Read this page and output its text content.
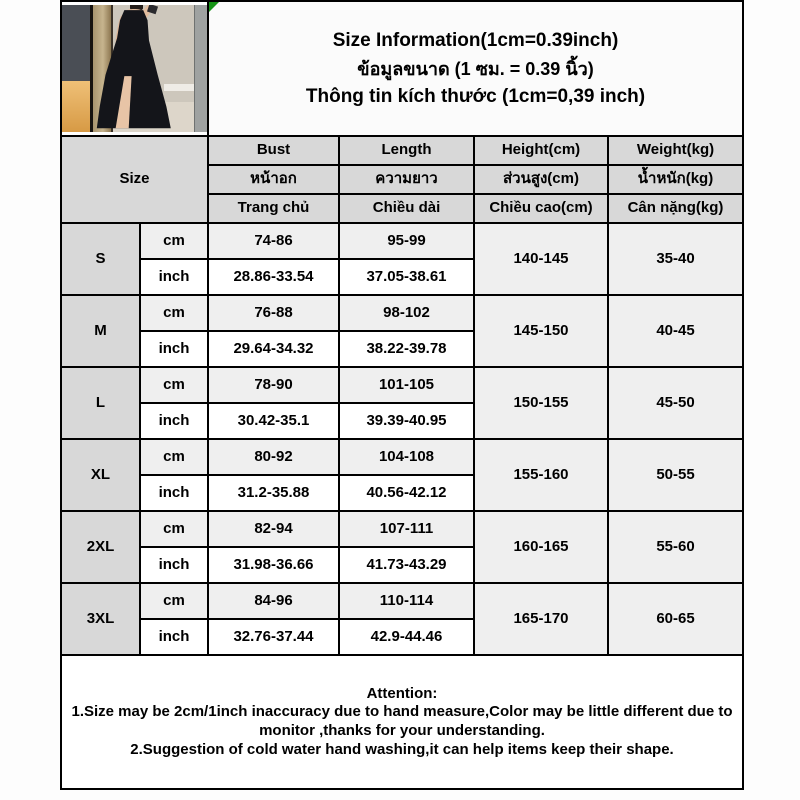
		Size Information(1cm=0.39inch)
ข้อมูลขนาด (1 ซม. = 0.39 นิ้ว)
Thông tin kích thước (1cm=0,39 inch)			

Size		Bust	Length	Height(cm)	Weight(kg)
		หน้าอก	ความยาว	ส่วนสูง(cm)	น้ำหนัก(kg)
		Trang chủ	Chiều dài	Chiều cao(cm)	Cân nặng(kg)
S	cm	74-86	95-99	140-145	35-40
	inch	28.86-33.54	37.05-38.61		
M	cm	76-88	98-102	145-150	40-45
	inch	29.64-34.32	38.22-39.78		
L	cm	78-90	101-105	150-155	45-50
	inch	30.42-35.1	39.39-40.95		
XL	cm	80-92	104-108	155-160	50-55
	inch	31.2-35.88	40.56-42.12		
2XL	cm	82-94	107-111	160-165	55-60
	inch	31.98-36.66	41.73-43.29		
3XL	cm	84-96	110-114	165-170	60-65
	inch	32.76-37.44	42.9-44.46		

Attention:
1.Size may be 2cm/1inch inaccuracy due to hand measure,Color may be little different due to monitor ,thanks for your understanding.
2.Suggestion of cold water hand washing,it can help items keep their shape.					
